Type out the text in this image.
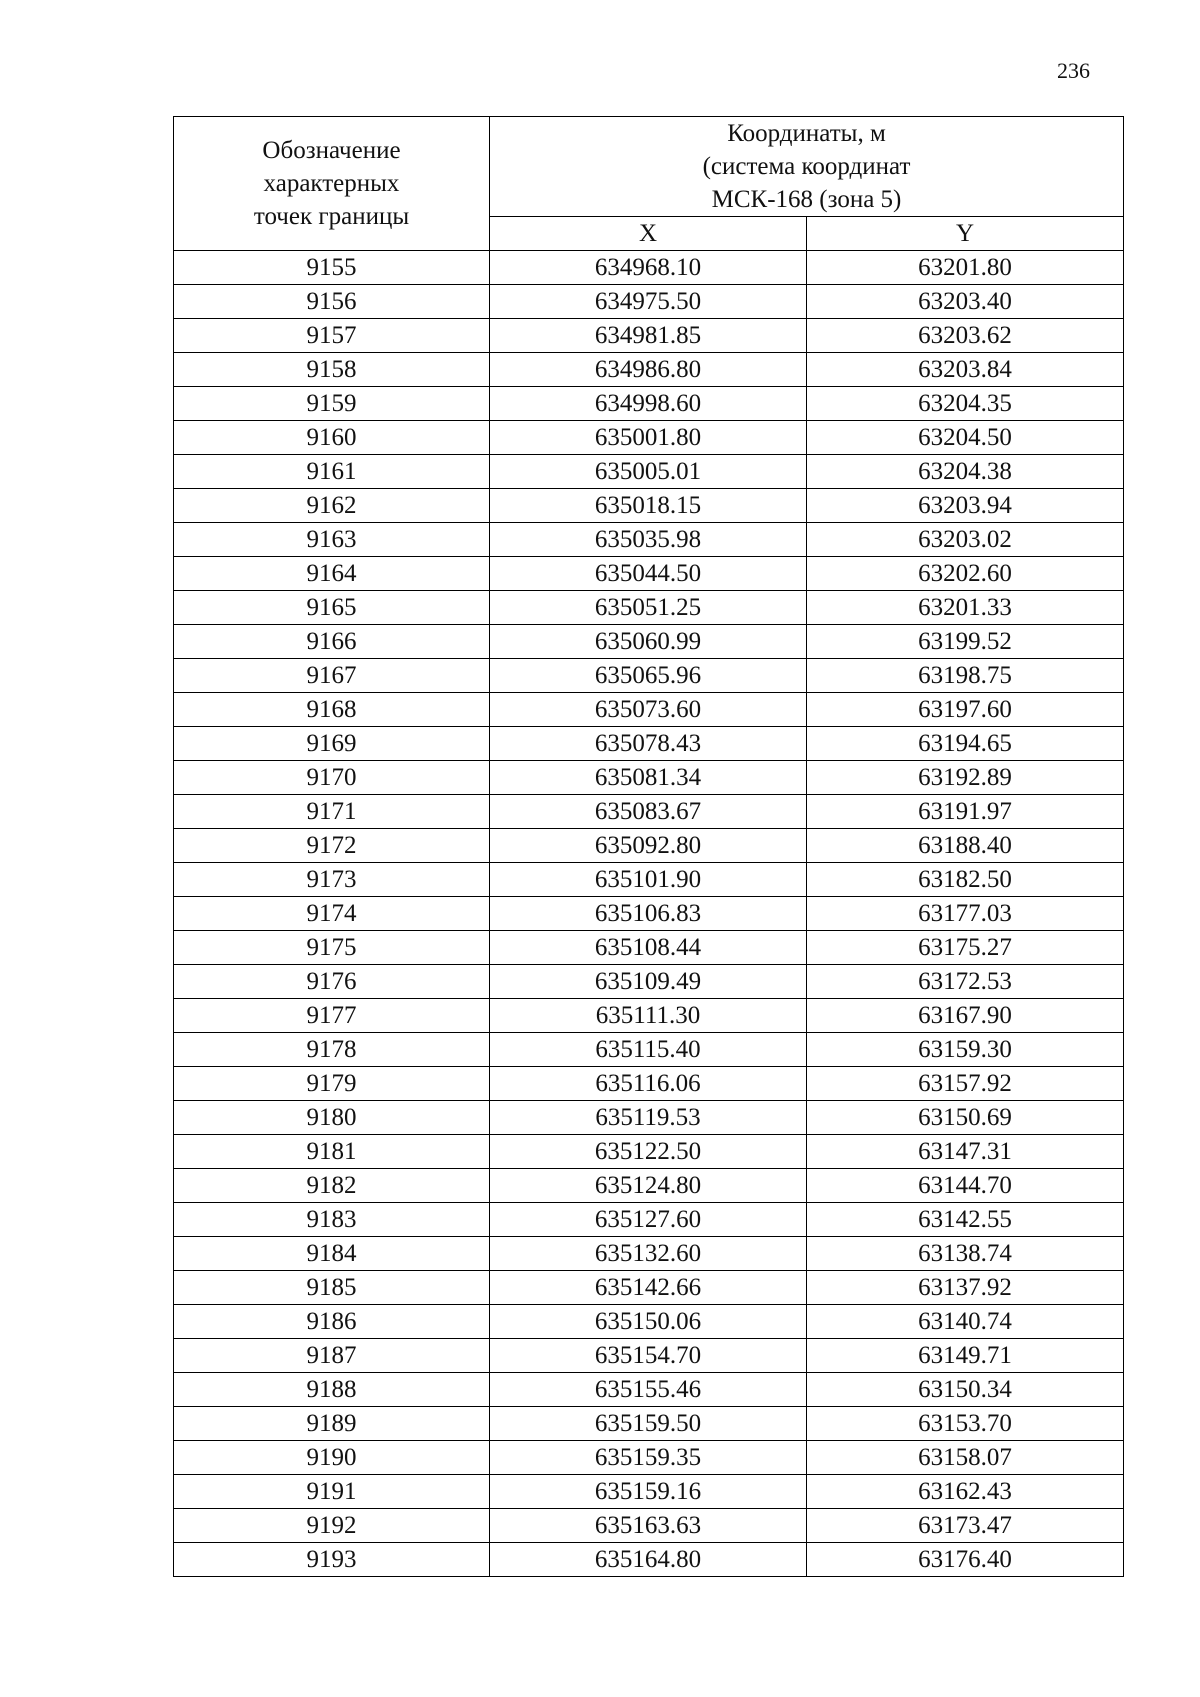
236
Обозначение
характерных
точек границы	Координаты, м
(система координат
МСК-168 (зона 5)	

	X	Y
9155	634968.10	63201.80
9156	634975.50	63203.40
9157	634981.85	63203.62
9158	634986.80	63203.84
9159	634998.60	63204.35
9160	635001.80	63204.50
9161	635005.01	63204.38
9162	635018.15	63203.94
9163	635035.98	63203.02
9164	635044.50	63202.60
9165	635051.25	63201.33
9166	635060.99	63199.52
9167	635065.96	63198.75
9168	635073.60	63197.60
9169	635078.43	63194.65
9170	635081.34	63192.89
9171	635083.67	63191.97
9172	635092.80	63188.40
9173	635101.90	63182.50
9174	635106.83	63177.03
9175	635108.44	63175.27
9176	635109.49	63172.53
9177	635111.30	63167.90
9178	635115.40	63159.30
9179	635116.06	63157.92
9180	635119.53	63150.69
9181	635122.50	63147.31
9182	635124.80	63144.70
9183	635127.60	63142.55
9184	635132.60	63138.74
9185	635142.66	63137.92
9186	635150.06	63140.74
9187	635154.70	63149.71
9188	635155.46	63150.34
9189	635159.50	63153.70
9190	635159.35	63158.07
9191	635159.16	63162.43
9192	635163.63	63173.47
9193	635164.80	63176.40
